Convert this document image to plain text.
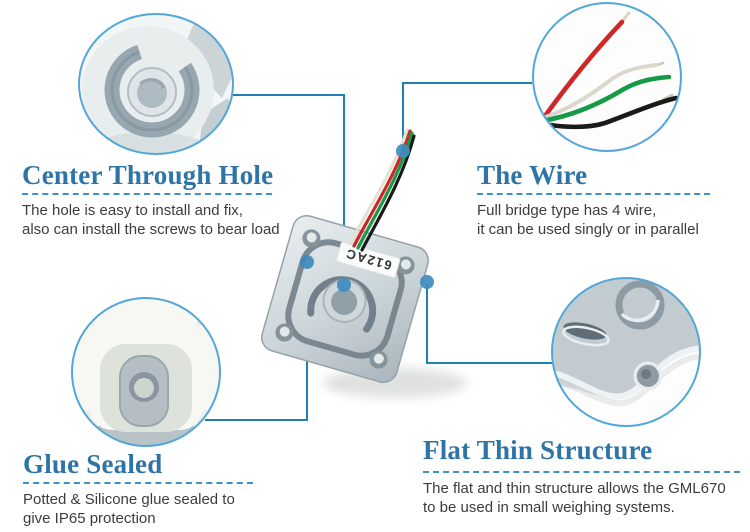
612AC
Center Through Hole
The hole is easy to install and fix,
also can install the screws to bear load
The Wire
Full bridge type has 4 wire,
it can be used singly or in parallel
Glue Sealed
Potted & Silicone glue sealed to
give IP65 protection
Flat Thin Structure
The flat and thin structure allows the GML670
to be used in small weighing systems.
